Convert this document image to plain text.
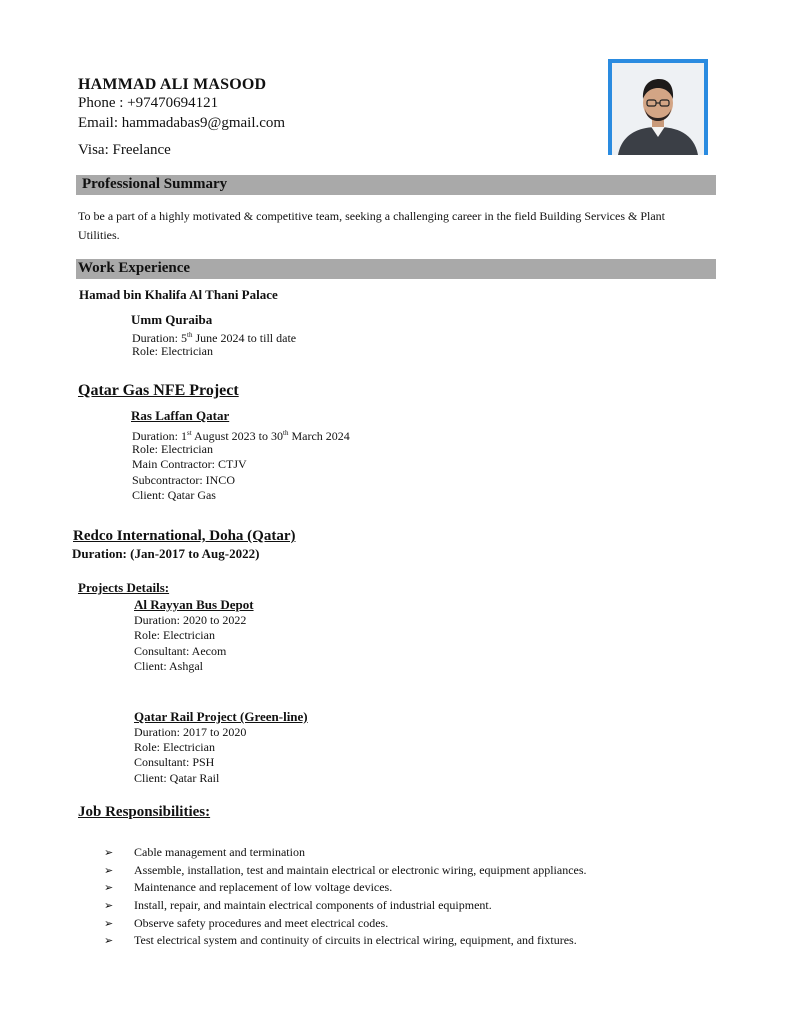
HAMMAD ALI MASOOD
Phone : +97470694121
Email: hammadabas9@gmail.com
Visa: Freelance
Professional Summary
To be a part of a highly motivated & competitive team, seeking a challenging career in the field Building Services & Plant
Utilities.
Work Experience
Hamad bin Khalifa Al Thani Palace
Umm Quraiba
Duration: 5th June 2024 to till date
Role: Electrician
Qatar Gas NFE Project
Ras Laffan Qatar
Duration: 1st August 2023 to 30th March 2024
Role: Electrician
Main Contractor: CTJV
Subcontractor: INCO
Client: Qatar Gas
Redco International, Doha (Qatar)
Duration: (Jan-2017 to Aug-2022)
Projects Details:
Al Rayyan Bus Depot
Duration: 2020 to 2022
Role: Electrician
Consultant: Aecom
Client: Ashgal
Qatar Rail Project (Green-line)
Duration: 2017 to 2020
Role: Electrician
Consultant: PSH
Client: Qatar Rail
Job Responsibilities:
➢ Cable management and termination
➢ Assemble, installation, test and maintain electrical or electronic wiring, equipment appliances.
➢ Maintenance and replacement of low voltage devices.
➢ Install, repair, and maintain electrical components of industrial equipment.
➢ Observe safety procedures and meet electrical codes.
➢ Test electrical system and continuity of circuits in electrical wiring, equipment, and fixtures.
